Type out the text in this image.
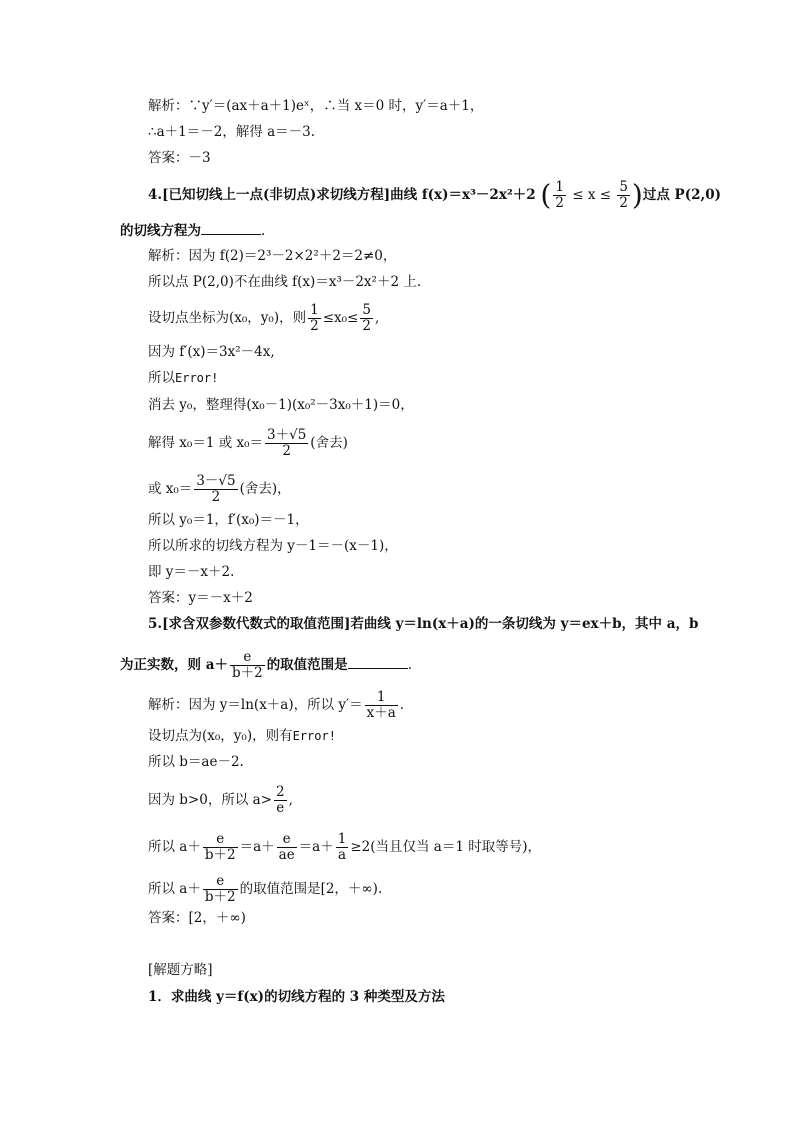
解析：∵y′＝(ax＋a＋1)eˣ，∴当 x＝0 时，y′＝a＋1，
∴a＋1＝－2，解得 a＝－3.
答案：－3
4.[已知切线上一点(非切点)求切线方程]曲线 f(x)＝x³－2x²＋2 ( $\frac{1}{2} \le x \le \frac{5}{2}$ )过点 P(2,0)
的切线方程为	.
解析：因为 f(2)＝2³－2×2²＋2＝2≠0，
所以点 P(2,0)不在曲线 f(x)＝x³－2x²＋2 上.
设切点坐标为(x₀，y₀)，则 $\frac{1}{2} \le x_0\le \frac{5}{2}$ ,
因为 f′(x)＝3x²－4x,
所以Error!
消去 y₀，整理得(x₀－1)(x₀²－3x₀＋1)＝0，
解得 x₀＝1 或 $x_0= \frac{3+√5}{2}$ (舍去)
或 $x_0= \frac{3-√5}{2}$ (舍去)，
所以 y₀＝1，f′(x₀)＝－1，
所以所求的切线方程为 y－1＝－(x－1)，
即 y＝－x＋2.
答案：y＝－x＋2
5.[求含双参数代数式的取值范围]若曲线 y＝ln(x＋a)的一条切线为 y＝ex＋b，其中 a，b
为正实数，则 $a+ \frac{e}{b+2}$ 的取值范围是	.
解析：因为 y＝ln(x＋a)，所以 $y'= \frac{1}{x+a}$ .
设切点为(x₀，y₀)，则有Error!
所以 b＝ae－2.
因为 b>0，所以 $a> \frac{2}{e}$ ,
所以 $a+ \frac{e}{b+2} =a+ \frac{e}{ae} =a+ \frac{1}{a} \ge 2$(当且仅当 a＝1 时取等号)，
所以 $a+ \frac{e}{b+2}$ 的取值范围是[2，＋∞).
答案：[2，＋∞)
[解题方略]
1．求曲线 y＝f(x)的切线方程的 3 种类型及方法
